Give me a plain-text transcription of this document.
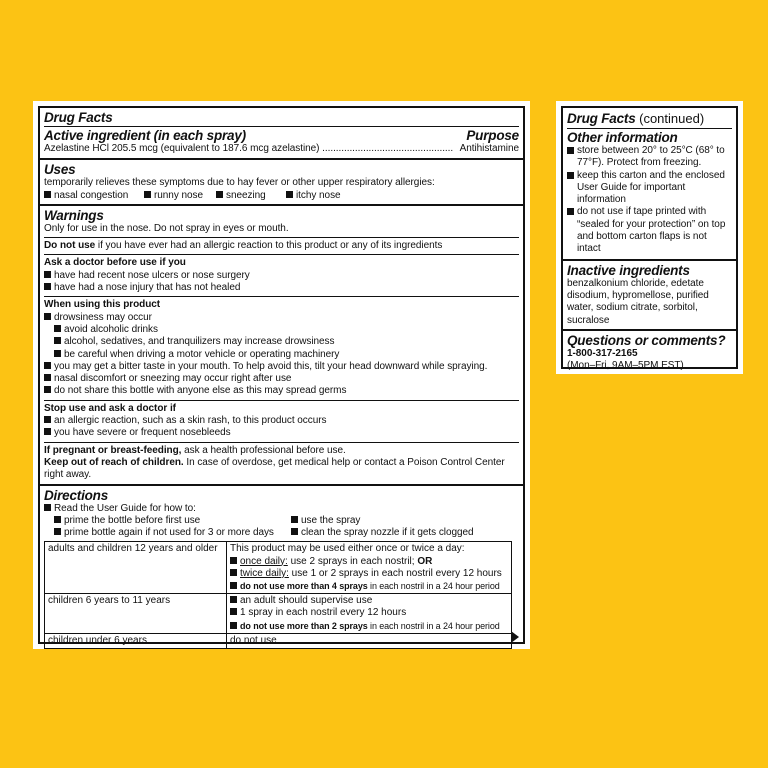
Drug Facts
Active ingredient (in each spray)	Purpose
Azelastine HCl 205.5 mcg (equivalent to 187.6 mcg azelastine) ................................................ Antihistamine
Uses
temporarily relieves these symptoms due to hay fever or other upper respiratory allergies:
nasal congestion	runny nose	sneezing	itchy nose
Warnings
Only for use in the nose. Do not spray in eyes or mouth.
Do not use if you have ever had an allergic reaction to this product or any of its ingredients
Ask a doctor before use if you
have had recent nose ulcers or nose surgery
have had a nose injury that has not healed
When using this product
drowsiness may occur
avoid alcoholic drinks
alcohol, sedatives, and tranquilizers may increase drowsiness
be careful when driving a motor vehicle or operating machinery
you may get a bitter taste in your mouth. To help avoid this, tilt your head downward while spraying.
nasal discomfort or sneezing may occur right after use
do not share this bottle with anyone else as this may spread germs
Stop use and ask a doctor if
an allergic reaction, such as a skin rash, to this product occurs
you have severe or frequent nosebleeds
If pregnant or breast-feeding, ask a health professional before use.
Keep out of reach of children. In case of overdose, get medical help or contact a Poison Control Center right away.
Directions
Read the User Guide for how to:
prime the bottle before first use	use the spray
prime bottle again if not used for 3 or more days	clean the spray nozzle if it gets clogged
adults and children 12 years and older	This product may be used either once or twice a day:
once daily: use 2 sprays in each nostril; OR
twice daily: use 1 or 2 sprays in each nostril every 12 hours
do not use more than 4 sprays in each nostril in a 24 hour period

children 6 years to 11 years	an adult should supervise use
1 spray in each nostril every 12 hours
do not use more than 2 sprays in each nostril in a 24 hour period

children under 6 years	do not use
Drug Facts (continued)
Other information
store between 20° to 25°C (68° to 77°F). Protect from freezing.
keep this carton and the enclosed User Guide for important information
do not use if tape printed with “sealed for your protection” on top and bottom carton flaps is not intact
Inactive ingredients
benzalkonium chloride, edetate disodium, hypromellose, purified water, sodium citrate, sorbitol, sucralose
Questions or comments?
1-800-317-2165
(Mon–Fri, 9AM–5PM EST)
